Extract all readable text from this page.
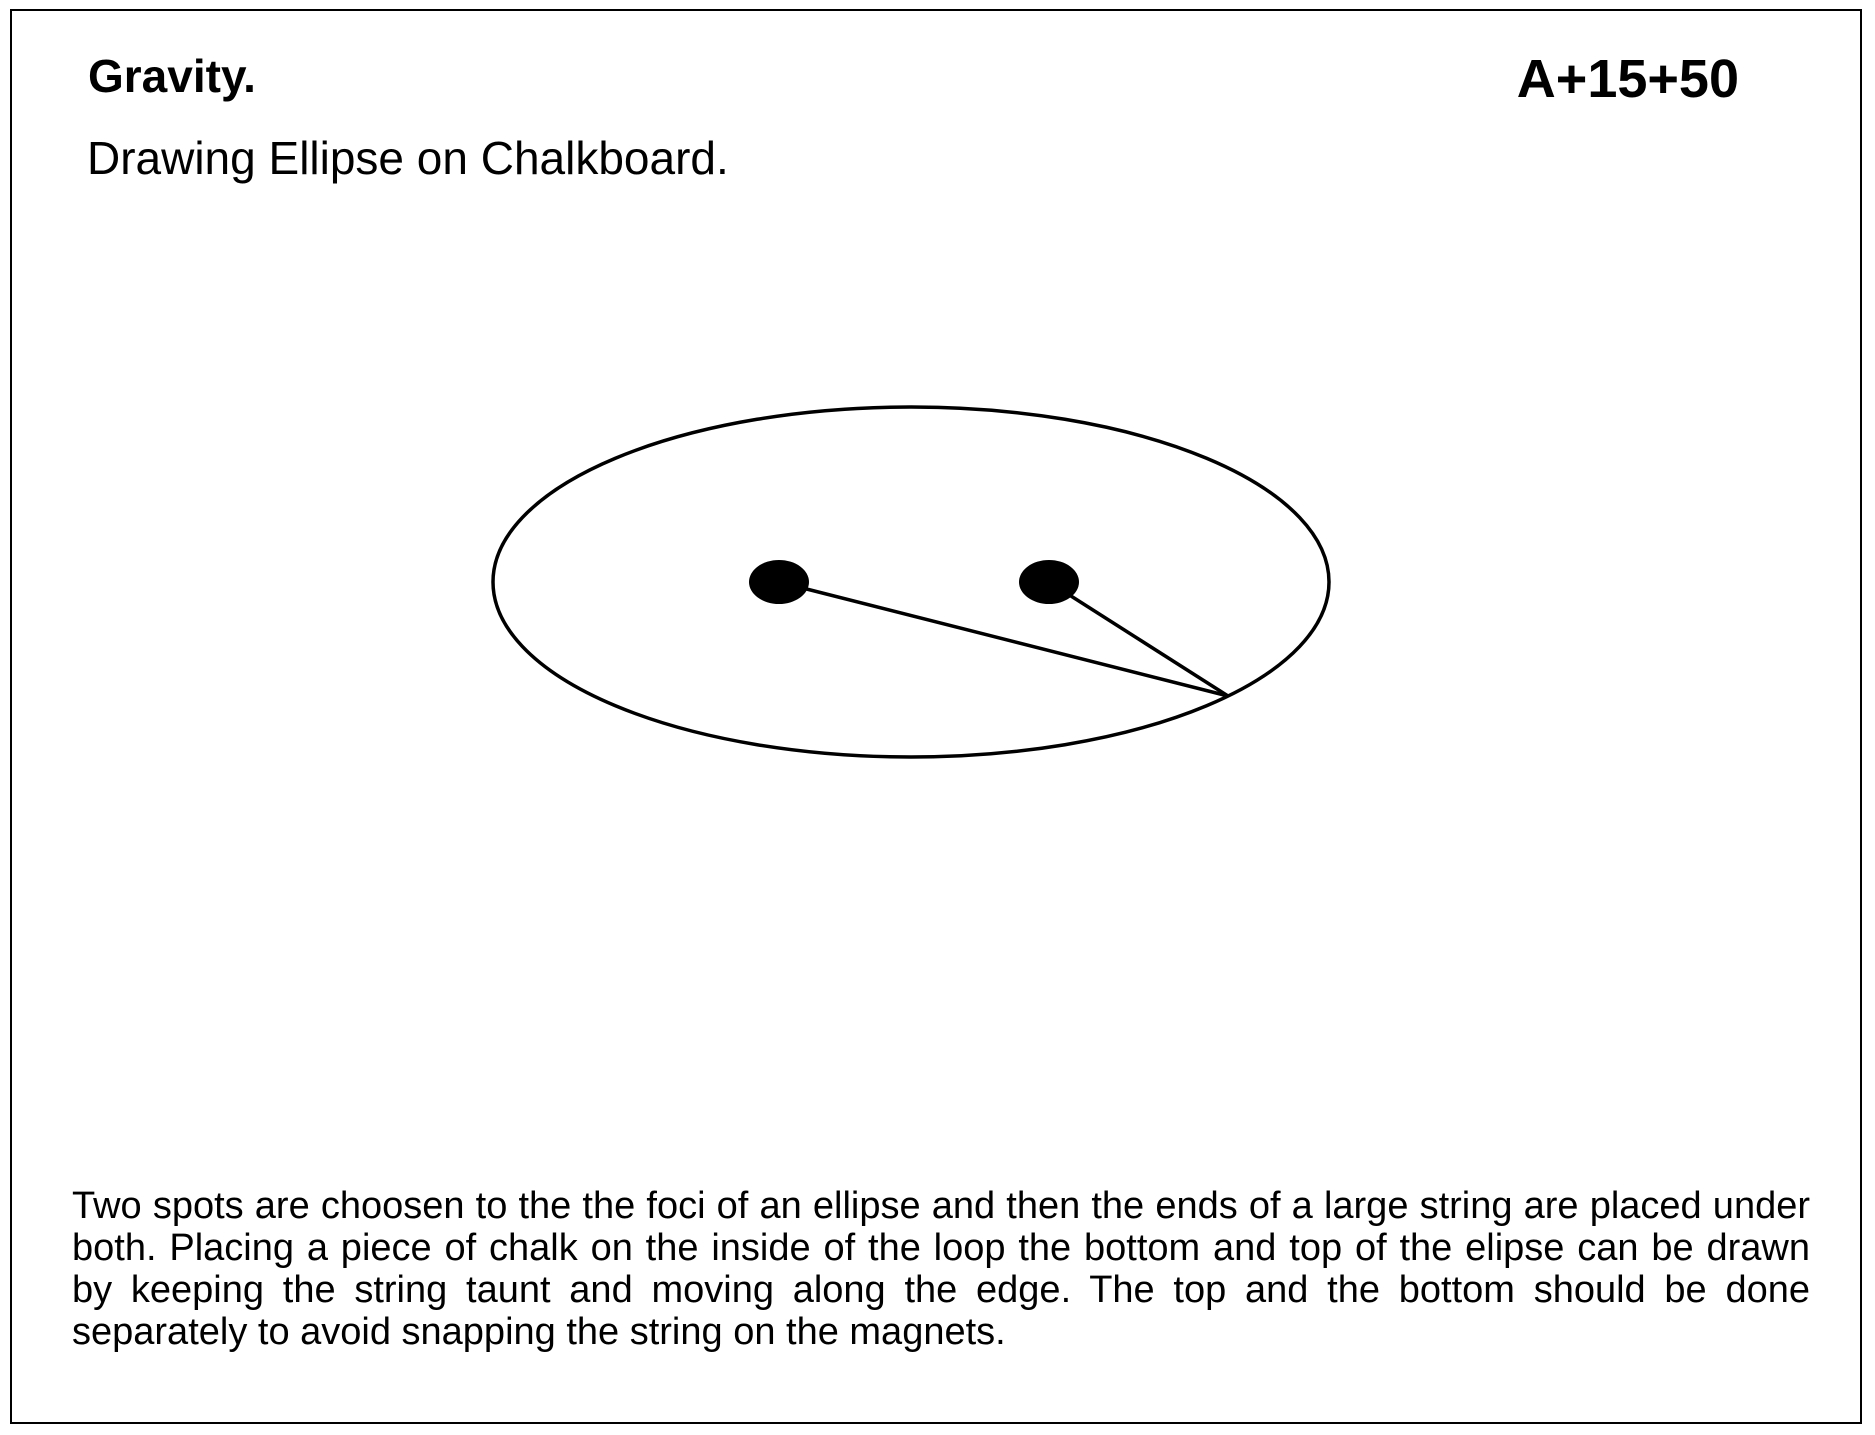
Gravity.	A+15+50
Drawing Ellipse on Chalkboard.
Two spots are choosen to the the foci of an ellipse and then the ends of a large string are placed under both. Placing a piece of chalk on the inside of the loop the bottom and top of the elipse can be drawn by keeping the string taunt and moving along the edge. The top and the bottom should be done separately to avoid snapping the string on the magnets.
